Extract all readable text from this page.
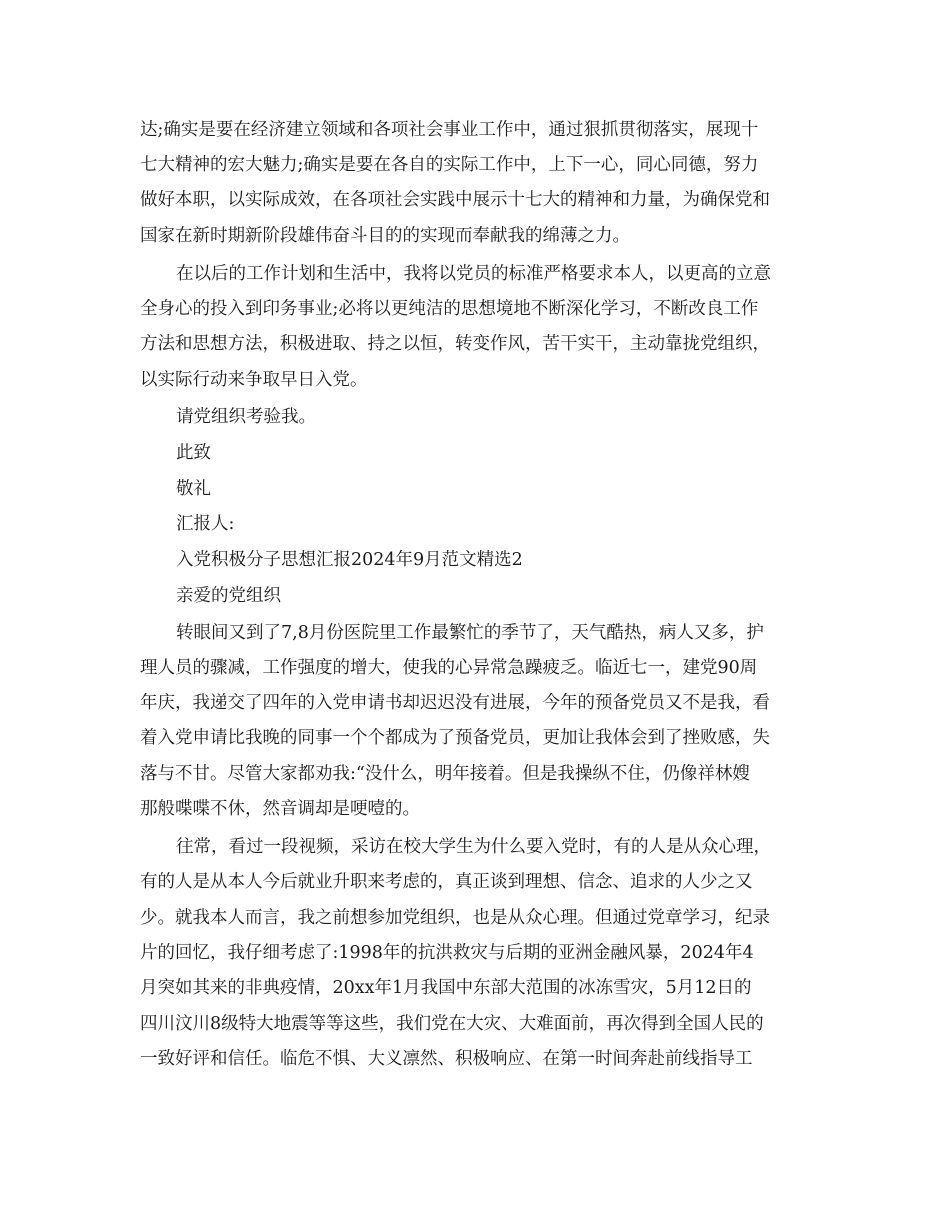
达;确实是要在经济建立领域和各项社会事业工作中，通过狠抓贯彻落实，展现十
七大精神的宏大魅力;确实是要在各自的实际工作中，上下一心，同心同德，努力
做好本职，以实际成效，在各项社会实践中展示十七大的精神和力量，为确保党和
国家在新时期新阶段雄伟奋斗目的的实现而奉献我的绵薄之力。
在以后的工作计划和生活中，我将以党员的标准严格要求本人，以更高的立意
全身心的投入到印务事业;必将以更纯洁的思想境地不断深化学习，不断改良工作
方法和思想方法，积极进取、持之以恒，转变作风，苦干实干，主动靠拢党组织，
以实际行动来争取早日入党。
请党组织考验我。
此致
敬礼
汇报人:
入党积极分子思想汇报2024年9月范文精选2
亲爱的党组织
转眼间又到了7,8月份医院里工作最繁忙的季节了，天气酷热，病人又多，护
理人员的骤减，工作强度的增大，使我的心异常急躁疲乏。临近七一，建党90周
年庆，我递交了四年的入党申请书却迟迟没有进展，今年的预备党员又不是我，看
着入党申请比我晚的同事一个个都成为了预备党员，更加让我体会到了挫败感，失
落与不甘。尽管大家都劝我:“没什么，明年接着。但是我操纵不住，仍像祥林嫂
那般喋喋不休，然音调却是哽噎的。
往常，看过一段视频，采访在校大学生为什么要入党时，有的人是从众心理，
有的人是从本人今后就业升职来考虑的，真正谈到理想、信念、追求的人少之又
少。就我本人而言，我之前想参加党组织，也是从众心理。但通过党章学习，纪录
片的回忆，我仔细考虑了:1998年的抗洪救灾与后期的亚洲金融风暴，2024年4
月突如其来的非典疫情，20xx年1月我国中东部大范围的冰冻雪灾，5月12日的
四川汶川8级特大地震等等这些，我们党在大灾、大难面前，再次得到全国人民的
一致好评和信任。临危不惧、大义凛然、积极响应、在第一时间奔赴前线指导工
